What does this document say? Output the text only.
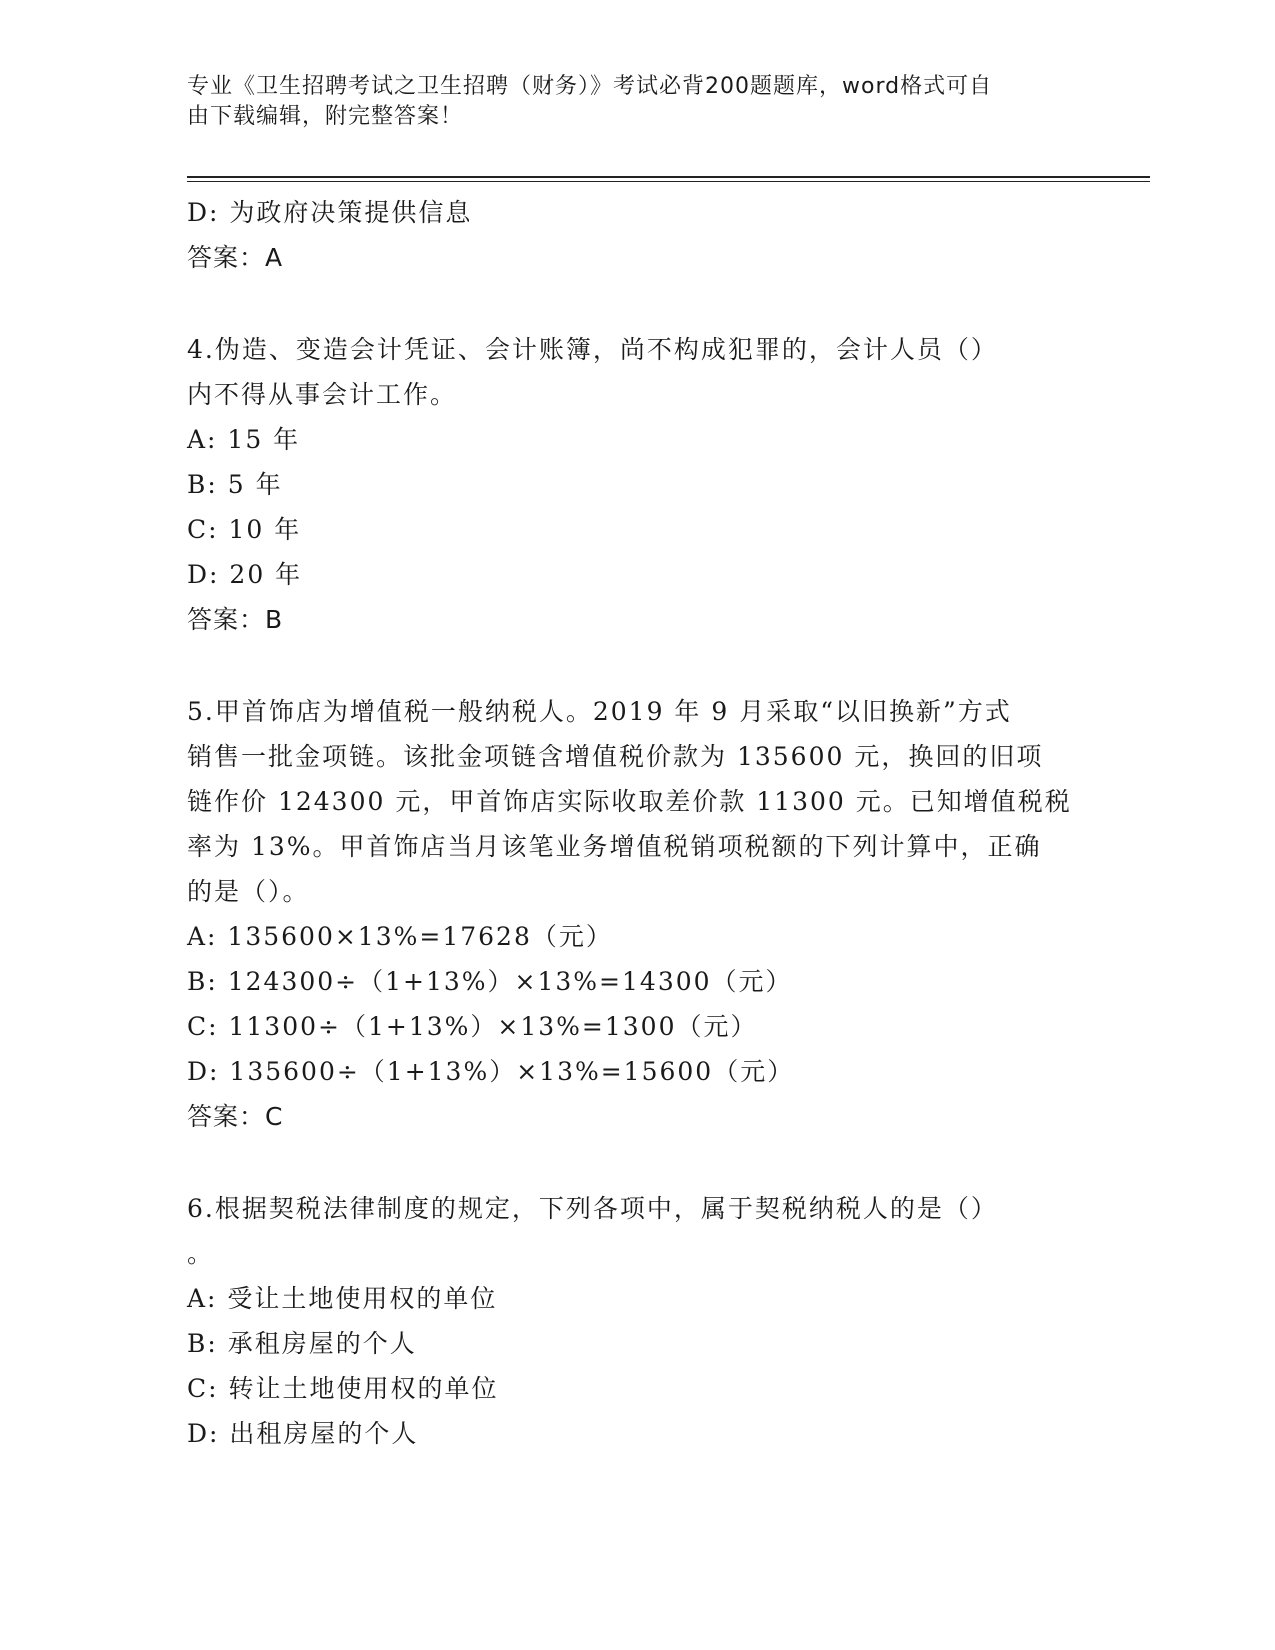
专业《卫生招聘考试之卫生招聘（财务）》考试必背200题题库，word格式可自
由下载编辑，附完整答案！
D: 为政府决策提供信息
答案：A
4.伪造、变造会计凭证、会计账簿，尚不构成犯罪的，会计人员（）
内不得从事会计工作。
A: 15 年
B: 5 年
C: 10 年
D: 20 年
答案：B
5.甲首饰店为增值税一般纳税人。2019 年 9 月采取“以旧换新”方式
销售一批金项链。该批金项链含增值税价款为 135600 元，换回的旧项
链作价 124300 元，甲首饰店实际收取差价款 11300 元。已知增值税税
率为 13%。甲首饰店当月该笔业务增值税销项税额的下列计算中，正确
的是（）。
A: 135600×13%=17628（元）
B: 124300÷（1+13%）×13%=14300（元）
C: 11300÷（1+13%）×13%=1300（元）
D: 135600÷（1+13%）×13%=15600（元）
答案：C
6.根据契税法律制度的规定，下列各项中，属于契税纳税人的是（）
。
A: 受让土地使用权的单位
B: 承租房屋的个人
C: 转让土地使用权的单位
D: 出租房屋的个人
